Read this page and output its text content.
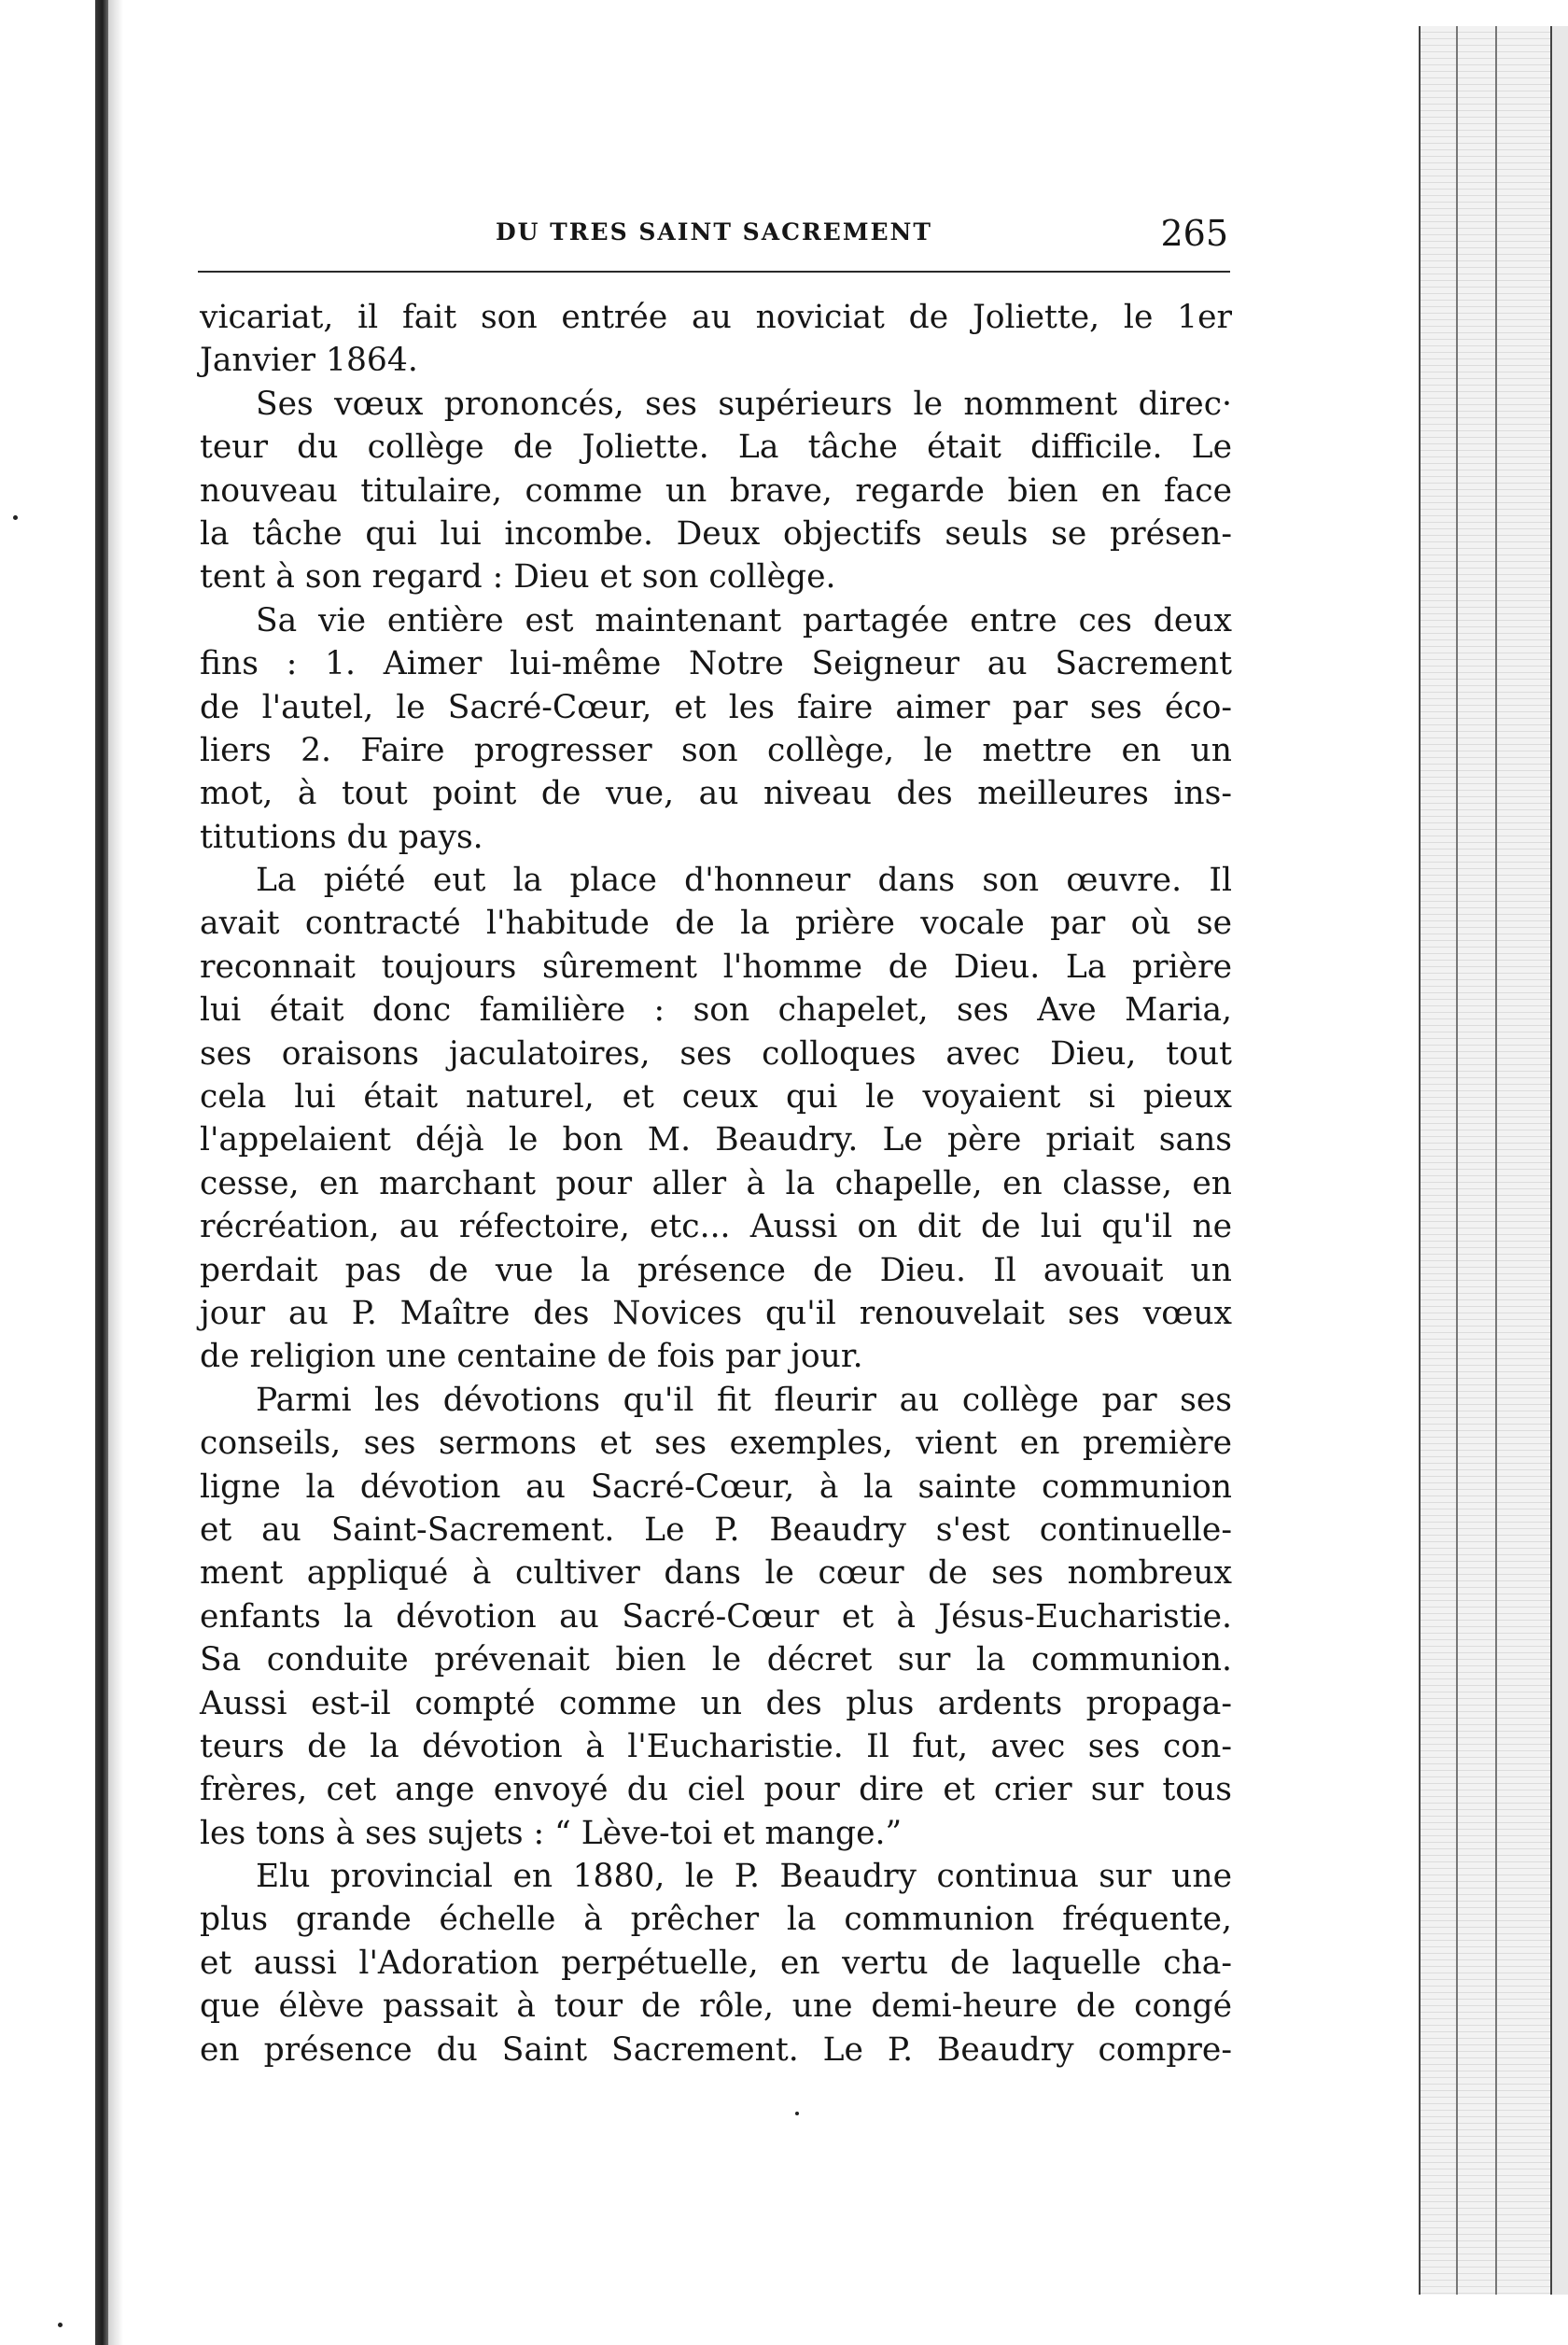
DU TRES SAINT SACREMENT	265
vicariat, il fait son entrée au noviciat de Joliette, le 1er
Janvier 1864.
Ses vœux prononcés, ses supérieurs le nomment direc·
teur du collège de Joliette. La tâche était difficile. Le
nouveau titulaire, comme un brave, regarde bien en face
la tâche qui lui incombe. Deux objectifs seuls se présen-
tent à son regard : Dieu et son collège.
Sa vie entière est maintenant partagée entre ces deux
fins : 1. Aimer lui-même Notre Seigneur au Sacrement
de l'autel, le Sacré-Cœur, et les faire aimer par ses éco-
liers 2. Faire progresser son collège, le mettre en un
mot, à tout point de vue, au niveau des meilleures ins-
titutions du pays.
La piété eut la place d'honneur dans son œuvre. Il
avait contracté l'habitude de la prière vocale par où se
reconnait toujours sûrement l'homme de Dieu. La prière
lui était donc familière : son chapelet, ses Ave Maria,
ses oraisons jaculatoires, ses colloques avec Dieu, tout
cela lui était naturel, et ceux qui le voyaient si pieux
l'appelaient déjà le bon M. Beaudry. Le père priait sans
cesse, en marchant pour aller à la chapelle, en classe, en
récréation, au réfectoire, etc... Aussi on dit de lui qu'il ne
perdait pas de vue la présence de Dieu. Il avouait un
jour au P. Maître des Novices qu'il renouvelait ses vœux
de religion une centaine de fois par jour.
Parmi les dévotions qu'il fit fleurir au collège par ses
conseils, ses sermons et ses exemples, vient en première
ligne la dévotion au Sacré-Cœur, à la sainte communion
et au Saint-Sacrement. Le P. Beaudry s'est continuelle-
ment appliqué à cultiver dans le cœur de ses nombreux
enfants la dévotion au Sacré-Cœur et à Jésus-Eucharistie.
Sa conduite prévenait bien le décret sur la communion.
Aussi est-il compté comme un des plus ardents propaga-
teurs de la dévotion à l'Eucharistie. Il fut, avec ses con-
frères, cet ange envoyé du ciel pour dire et crier sur tous
les tons à ses sujets : “ Lève-toi et mange.”
Elu provincial en 1880, le P. Beaudry continua sur une
plus grande échelle à prêcher la communion fréquente,
et aussi l'Adoration perpétuelle, en vertu de laquelle cha-
que élève passait à tour de rôle, une demi-heure de congé
en présence du Saint Sacrement. Le P. Beaudry compre-
